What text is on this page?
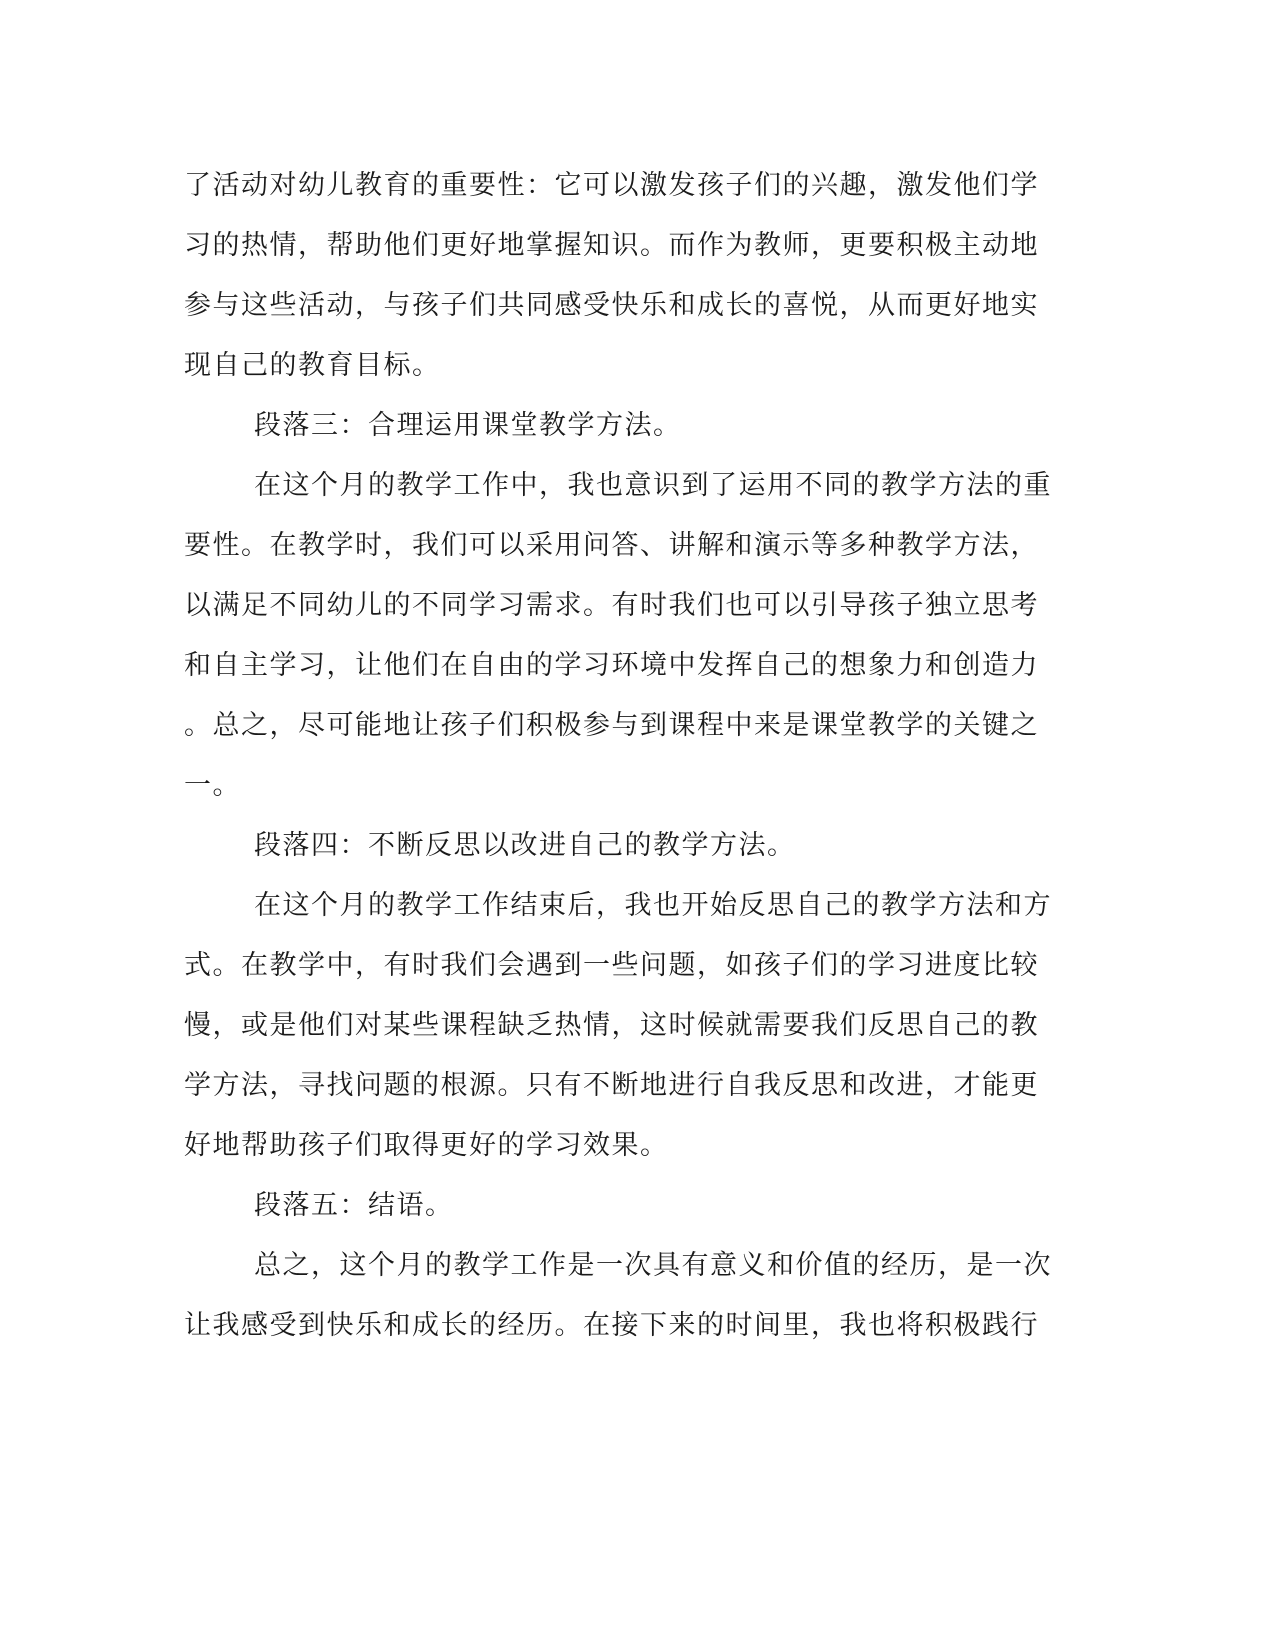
了活动对幼儿教育的重要性：它可以激发孩子们的兴趣，激发他们学
习的热情，帮助他们更好地掌握知识。而作为教师，更要积极主动地
参与这些活动，与孩子们共同感受快乐和成长的喜悦，从而更好地实
现自己的教育目标。
段落三：合理运用课堂教学方法。
在这个月的教学工作中，我也意识到了运用不同的教学方法的重
要性。在教学时，我们可以采用问答、讲解和演示等多种教学方法，
以满足不同幼儿的不同学习需求。有时我们也可以引导孩子独立思考
和自主学习，让他们在自由的学习环境中发挥自己的想象力和创造力
。总之，尽可能地让孩子们积极参与到课程中来是课堂教学的关键之
一。
段落四：不断反思以改进自己的教学方法。
在这个月的教学工作结束后，我也开始反思自己的教学方法和方
式。在教学中，有时我们会遇到一些问题，如孩子们的学习进度比较
慢，或是他们对某些课程缺乏热情，这时候就需要我们反思自己的教
学方法，寻找问题的根源。只有不断地进行自我反思和改进，才能更
好地帮助孩子们取得更好的学习效果。
段落五：结语。
总之，这个月的教学工作是一次具有意义和价值的经历，是一次
让我感受到快乐和成长的经历。在接下来的时间里，我也将积极践行
